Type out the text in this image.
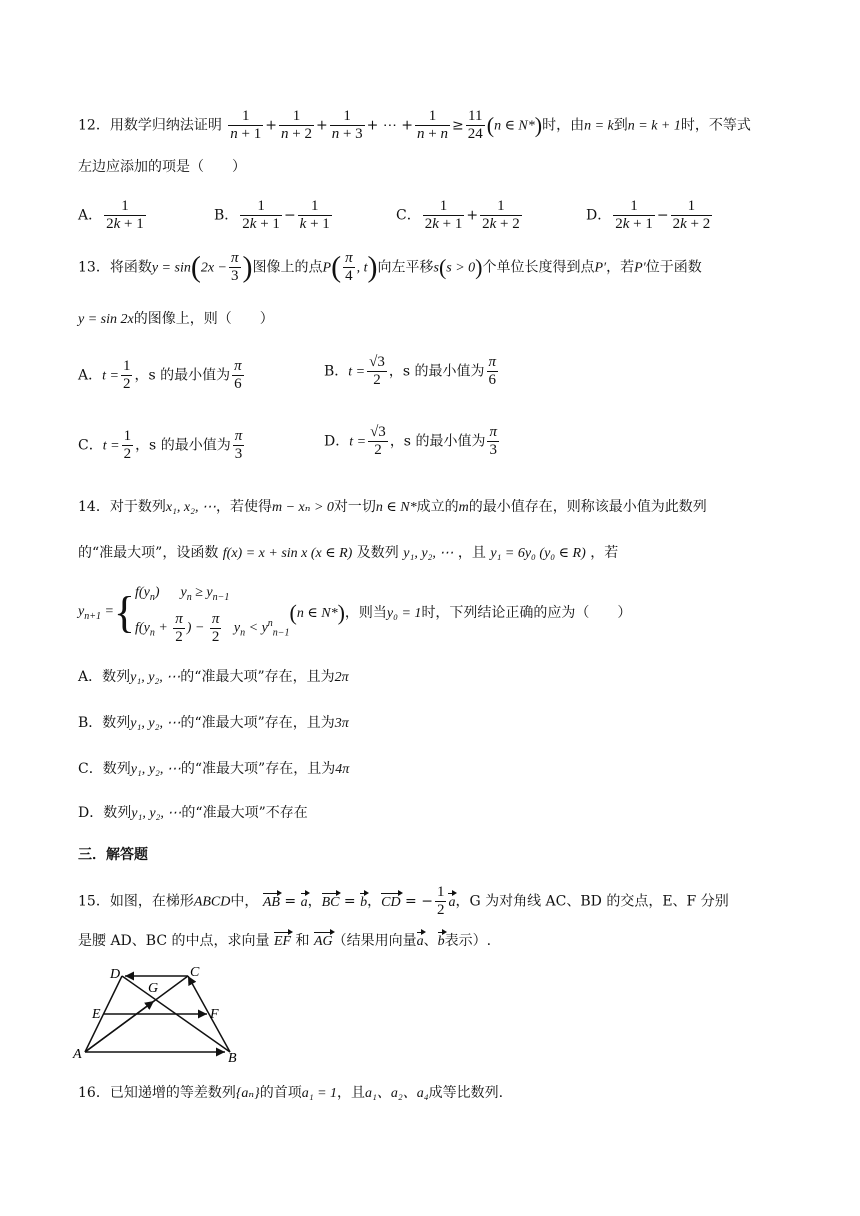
12．用数学归纳法证明 $\frac{1}{n + 1} + \frac{1}{n + 2} + \frac{1}{n + 3}$ + ⋯ + $\frac{1}{n + n} \ge \frac{11}{24} (n$ ∈ N*)时，由n = k到n = k + 1时，不等式
左边应添加的项是（　　）
A． $\frac{1}{2k + 1}$	B． $\frac{1}{2k + 1} - \frac{1}{k + 1}$	C． $\frac{1}{2k + 1} + \frac{1}{2k + 2}$	D． $\frac{1}{2k + 1} - \frac{1}{2k + 2}$
13．将函数$y = \sin(2x - \frac{\pi}{3}$ )图像上的点$P( \frac{\pi}{4}$ , t)向左平移s(s > 0)个单位长度得到点P′，若P′位于函数
y = sin 2x的图像上，则（　　）
A．$t = \frac{1}{2}$ ，s 的最小值为 $\frac{\pi}{6}$	B．$t = \frac{√3}{2}$ ，s 的最小值为 $\frac{\pi}{6}$
C．$t = \frac{1}{2}$ ，s 的最小值为 $\frac{\pi}{3}$	D．$t = \frac{√3}{2}$ ，s 的最小值为 $\frac{\pi}{3}$
14．对于数列x₁, x₂, ⋯，若使得m − xₙ > 0对一切n ∈ N*成立的m的最小值存在，则称该最小值为此数列
的“准最大项”，设函数 f(x) = x + sin x (x ∈ R) 及数列 y₁, y₂, ⋯ ，且 y₁ = 6y₀ (y₀ ∈ R) ，若
$y_{n+1} =\{f(y_n)$      $y_n \ge y_{n-1}$
$f(y_n + \frac{\pi}{2}$ ) − $\frac{\pi}{2} y_n < y^n_{n-1}(n$ ∈ N*)，则当y₀ = 1时，下列结论正确的应为（　　）
A．数列y₁, y₂, ⋯的“准最大项”存在，且为2π
B．数列y₁, y₂, ⋯的“准最大项”存在，且为3π
C．数列y₁, y₂, ⋯的“准最大项”存在，且为4π
D．数列y₁, y₂, ⋯的“准最大项”不存在
三．解答题
15．如图，在梯形ABCD中， AB = a，BC = b，CD = − $\frac{1}{2}$ a，G 为对角线 AC、BD 的交点，E、F 分别
是腰 AD、BC 的中点，求向量 EF 和 AG（结果用向量a、b表示）.
D	C
G
E	F
A	B
16．已知递增的等差数列{aₙ}的首项a₁ = 1，且a₁、a₂、a₄成等比数列.
